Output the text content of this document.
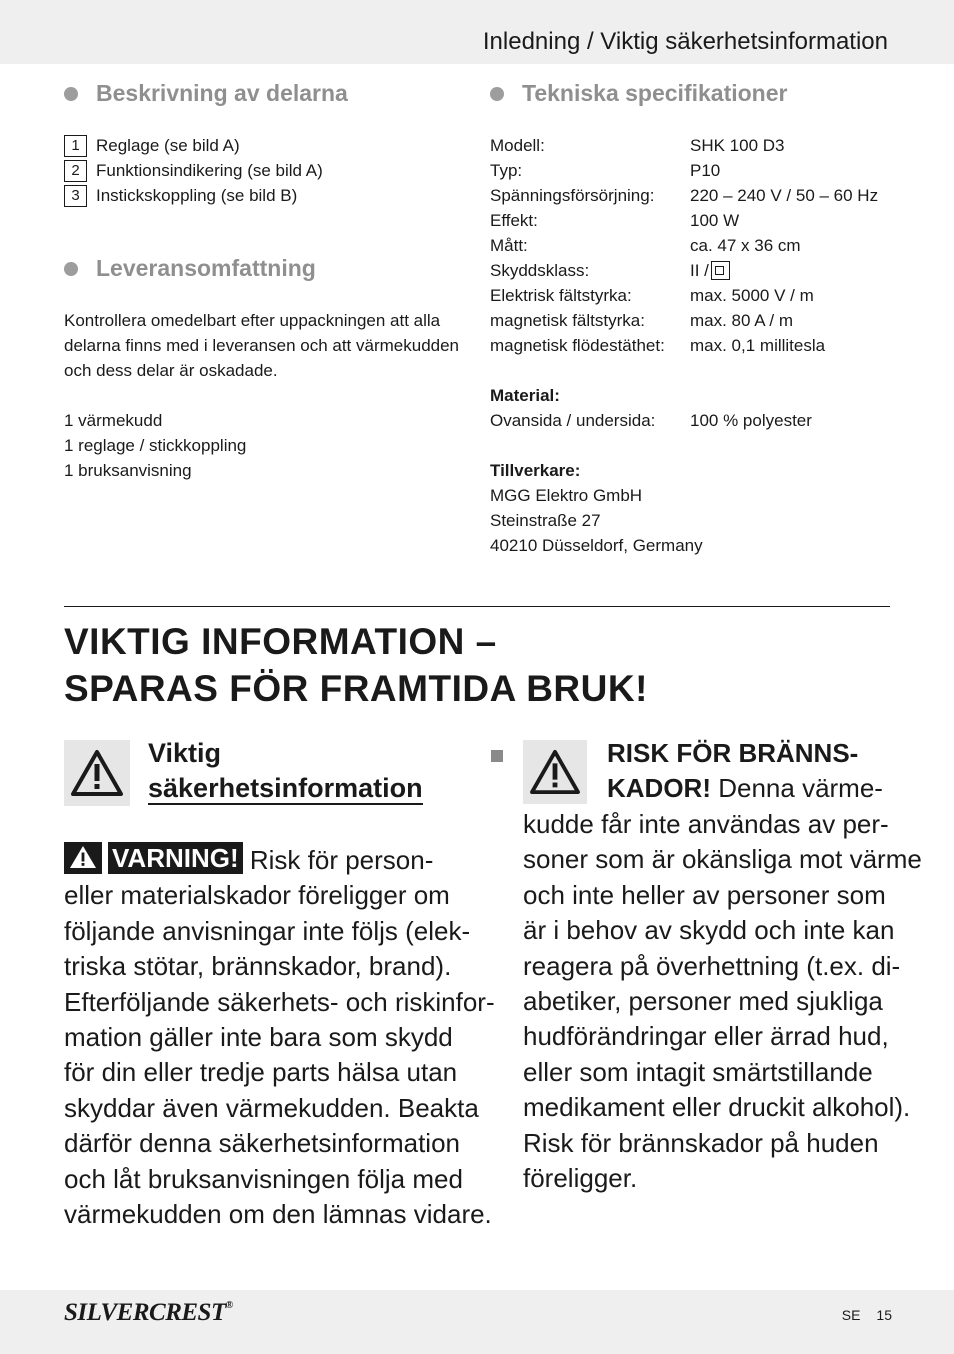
Inledning / Viktig säkerhetsinformation
Beskrivning av delarna
1 Reglage (se bild A)
2 Funktionsindikering (se bild A)
3 Instickskoppling (se bild B)
Leveransomfattning
Kontrollera omedelbart efter uppackningen att alla
delarna finns med i leveransen och att värmekudden
och dess delar är oskadade.
1 värmekudd
1 reglage / stickkoppling
1 bruksanvisning
Tekniska specifikationer
Modell:	SHK 100 D3
Typ:	P10
Spänningsförsörjning:	220 – 240 V / 50 – 60 Hz
Effekt:	100 W
Mått:	ca. 47 x 36 cm
Skyddsklass:	II /
Elektrisk fältstyrka:	max. 5000 V / m
magnetisk fältstyrka:	max. 80 A / m
magnetisk flödestäthet:	max. 0,1 millitesla
Material:
Ovansida / undersida:	100 % polyester
Tillverkare:
MGG Elektro GmbH
Steinstraße 27
40210 Düsseldorf, Germany
VIKTIG INFORMATION –
SPARAS FÖR FRAMTIDA BRUK!
Viktig
säkerhetsinformation
VARNING! Risk för person-
eller materialskador föreligger om
följande anvisningar inte följs (elek-
triska stötar, brännskador, brand).
Efterföljande säkerhets- och riskinfor-
mation gäller inte bara som skydd
för din eller tredje parts hälsa utan
skyddar även värmekudden. Beakta
därför denna säkerhetsinformation
och låt bruksanvisningen följa med
värmekudden om den lämnas vidare.
RISK FÖR BRÄNNS-
KADOR! Denna värme-
kudde får inte användas av per-
soner som är okänsliga mot värme
och inte heller av personer som
är i behov av skydd och inte kan
reagera på överhettning (t.ex. di-
abetiker, personer med sjukliga
hudförändringar eller ärrad hud,
eller som intagit smärtstillande
medikament eller druckit alkohol).
Risk för brännskador på huden
föreligger.
SILVERCREST®
SE 15
